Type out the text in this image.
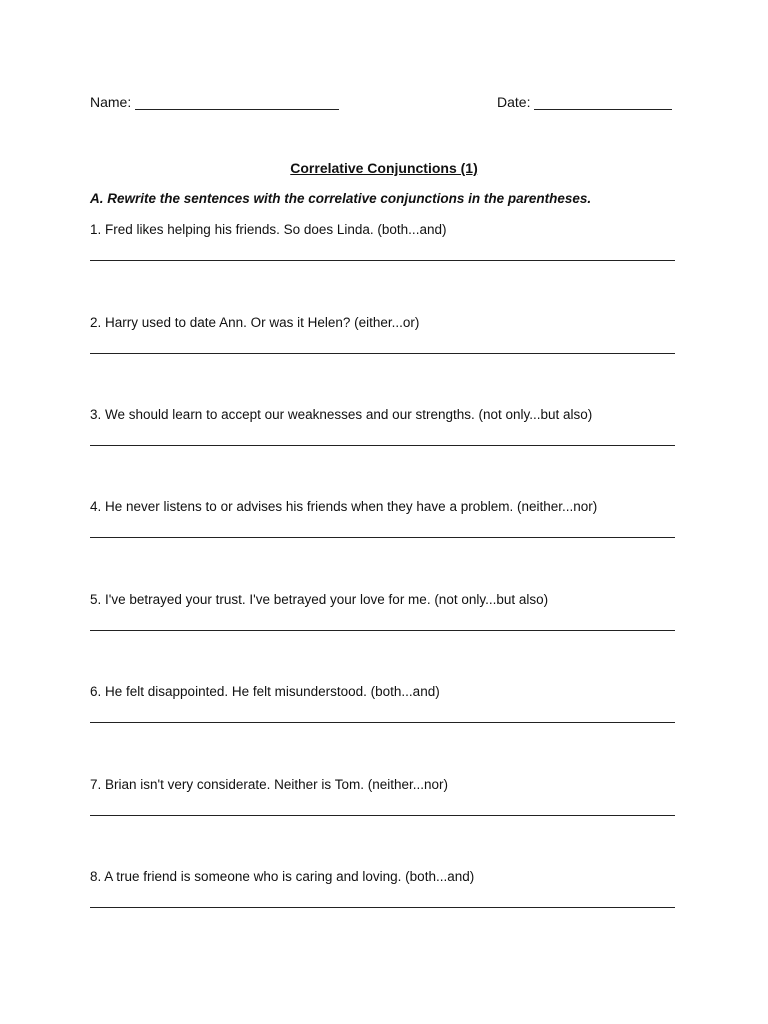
Name:	Date:
Correlative Conjunctions (1)
A. Rewrite the sentences with the correlative conjunctions in the parentheses.
1. Fred likes helping his friends. So does Linda. (both...and)
2. Harry used to date Ann. Or was it Helen? (either...or)
3. We should learn to accept our weaknesses and our strengths. (not only...but also)
4. He never listens to or advises his friends when they have a problem. (neither...nor)
5. I've betrayed your trust. I've betrayed your love for me. (not only...but also)
6. He felt disappointed. He felt misunderstood. (both...and)
7. Brian isn't very considerate. Neither is Tom. (neither...nor)
8. A true friend is someone who is caring and loving. (both...and)
